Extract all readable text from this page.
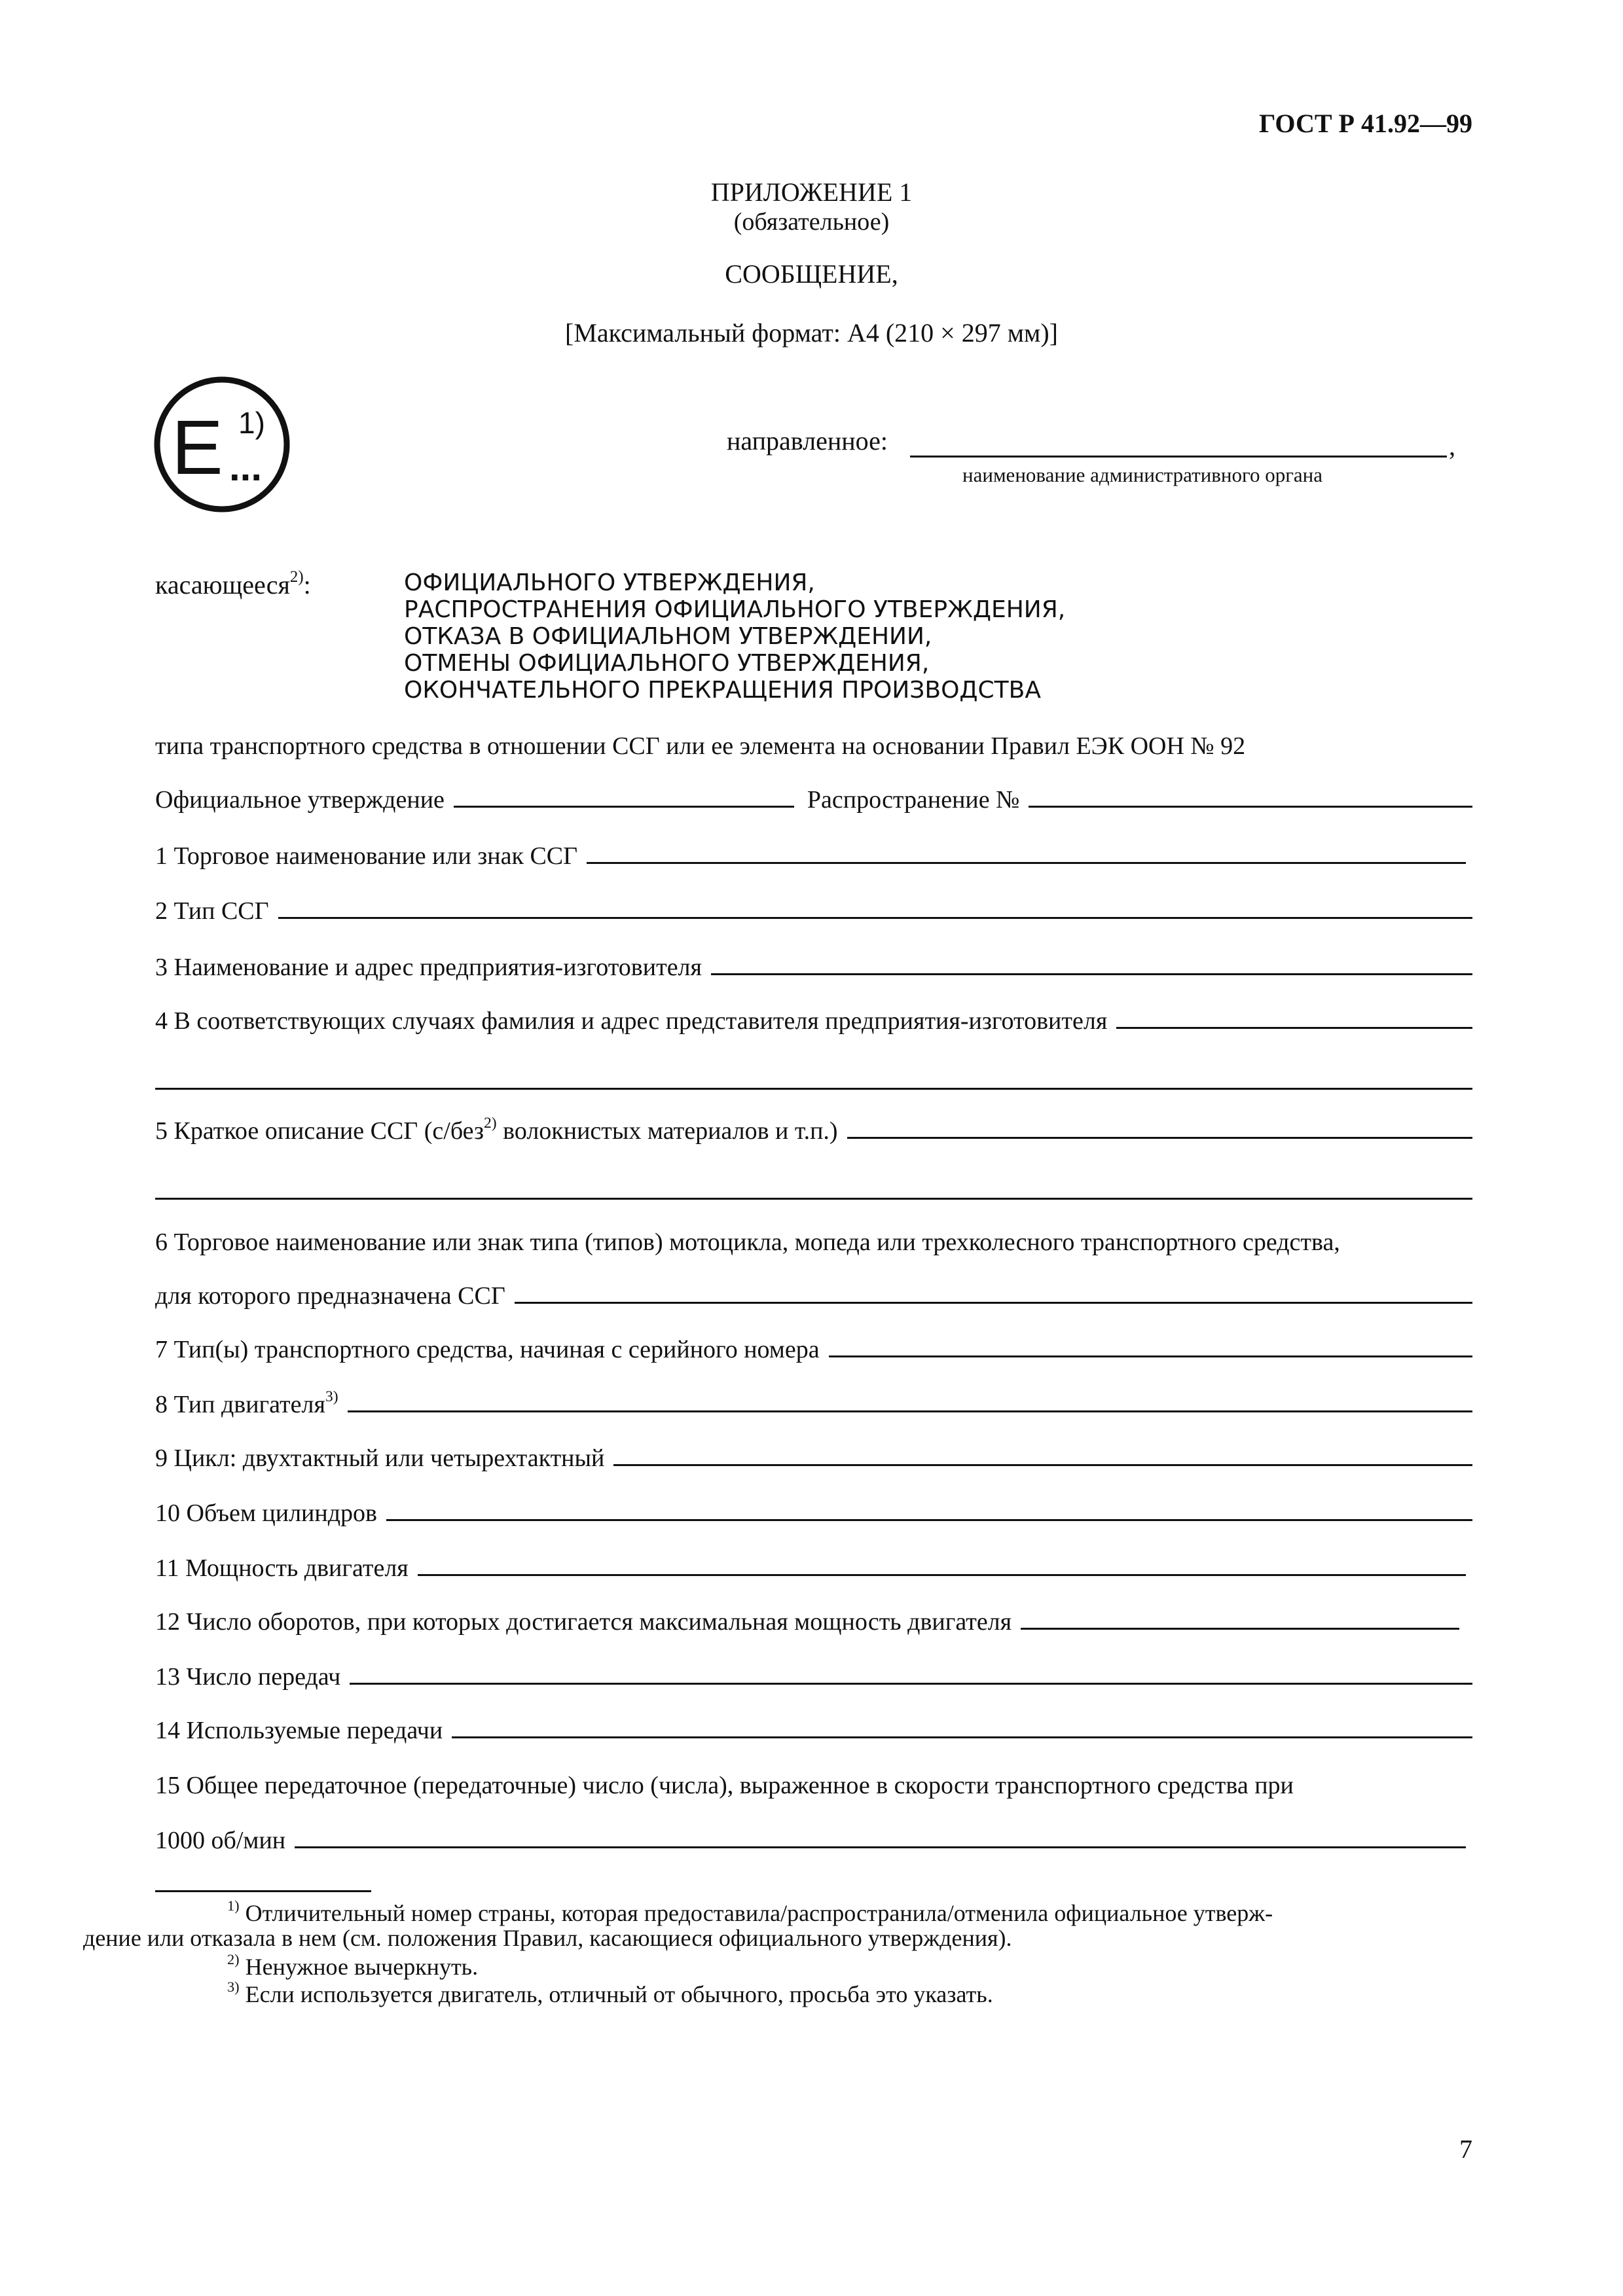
ГОСТ Р 41.92—99
ПРИЛОЖЕНИЕ 1
(обязательное)
СООБЩЕНИЕ,
[Максимальный формат: А4 (210 × 297 мм)]
E ...
1)
направленное:	,
наименование административного органа
касающееся$^{2)}$:	ОФИЦИАЛЬНОГО УТВЕРЖДЕНИЯ,
РАСПРОСТРАНЕНИЯ ОФИЦИАЛЬНОГО УТВЕРЖДЕНИЯ,
ОТКАЗА В ОФИЦИАЛЬНОМ УТВЕРЖДЕНИИ,
ОТМЕНЫ ОФИЦИАЛЬНОГО УТВЕРЖДЕНИЯ,
ОКОНЧАТЕЛЬНОГО ПРЕКРАЩЕНИЯ ПРОИЗВОДСТВА
типа транспортного средства в отношении ССГ или ее элемента на основании Правил ЕЭК ООН № 92
Официальное утверждение	Распространение №
1 Торговое наименование или знак ССГ
2 Тип ССГ
3 Наименование и адрес предприятия-изготовителя
4 В соответствующих случаях фамилия и адрес представителя предприятия-изготовителя
5 Краткое описание ССГ (с/без$^{2)}$ волокнистых материалов и т.п.)
6 Торговое наименование или знак типа (типов) мотоцикла, мопеда или трехколесного транспортного средства,
для которого предназначена ССГ
7 Тип(ы) транспортного средства, начиная с серийного номера
8 Тип двигателя$^{3)}$
9 Цикл: двухтактный или четырехтактный
10 Объем цилиндров
11 Мощность двигателя
12 Число оборотов, при которых достигается максимальная мощность двигателя
13 Число передач
14 Используемые передачи
15 Общее передаточное (передаточные) число (числа), выраженное в скорости транспортного средства при
1000 об/мин
$^{1)}$ Отличительный номер страны, которая предоставила/распространила/отменила официальное утверж-
дение или отказала в нем (см. положения Правил, касающиеся официального утверждения).
$^{2)}$ Ненужное вычеркнуть.
$^{3)}$ Если используется двигатель, отличный от обычного, просьба это указать.
7
